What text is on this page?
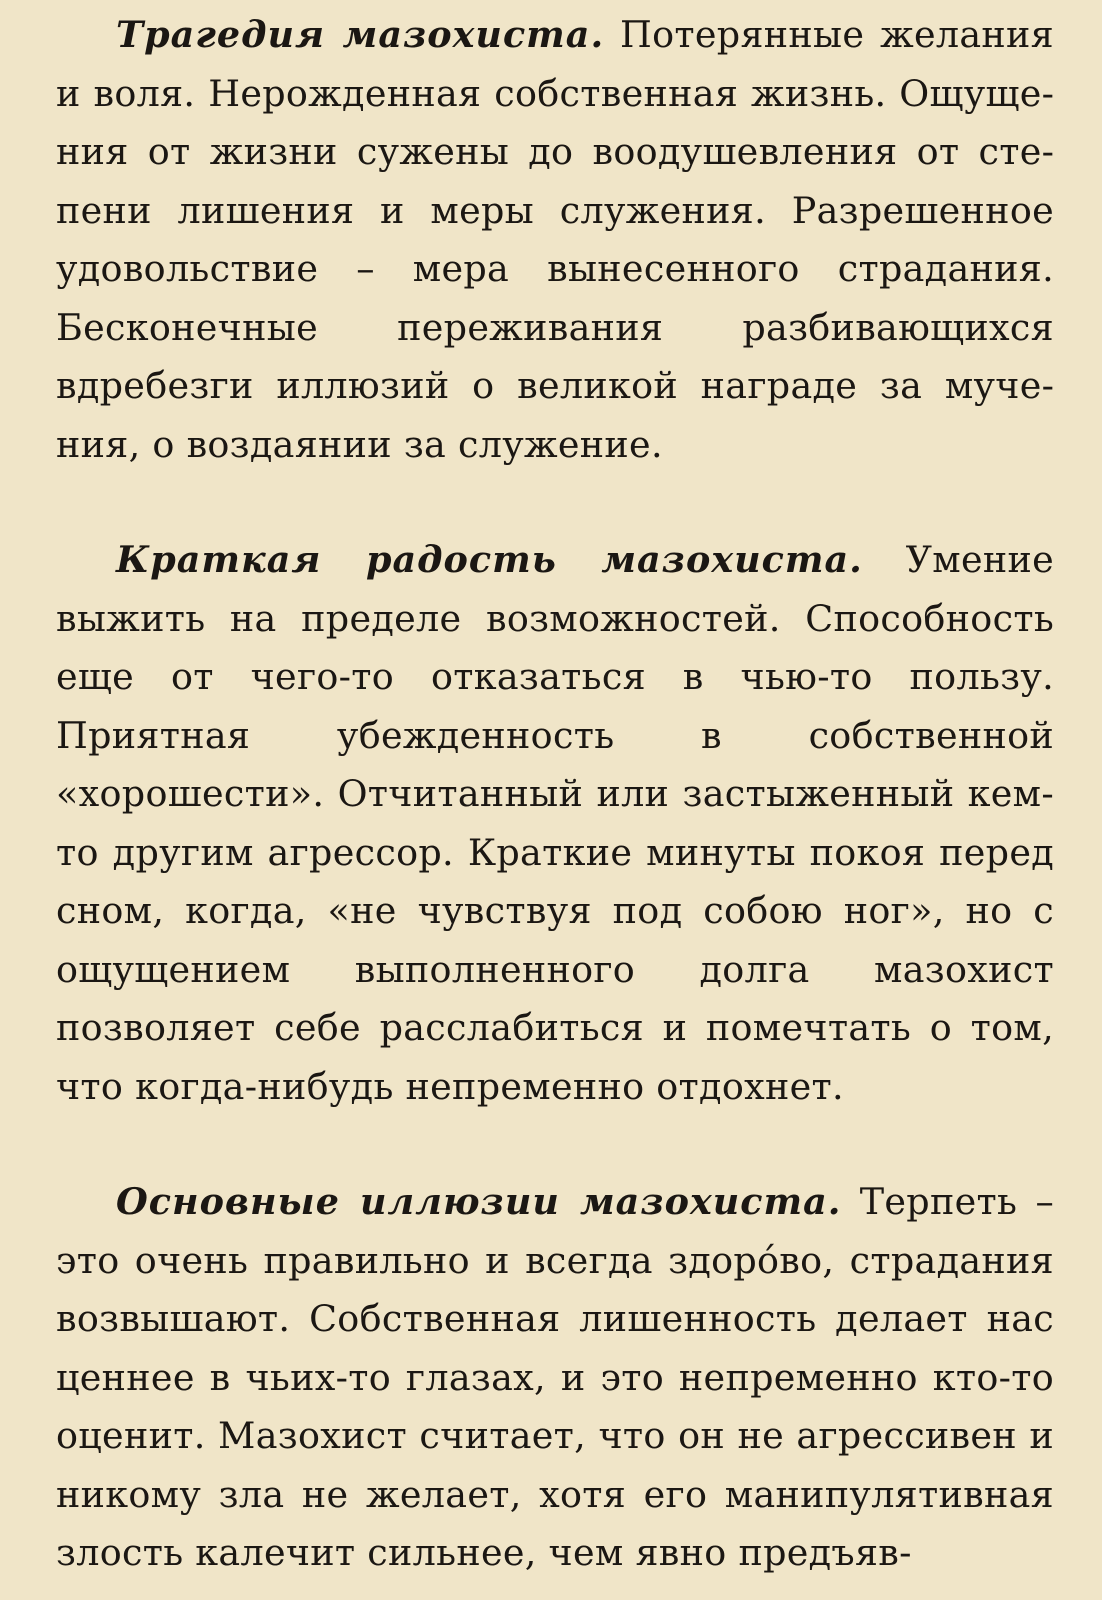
Трагедия мазохиста. Потерянные желания и воля. Нерожденная собственная жизнь. Ощущения от жизни сужены до воодушевления от степени лишения и меры служения. Разрешенное удовольствие – мера вынесенного страдания. Бесконечные переживания разбивающихся вдребезги иллюзий о великой награде за мучения, о воздаянии за служение.

Краткая радость мазохиста. Умение выжить на пределе возможностей. Способность еще от чего-то отказаться в чью-то пользу. Приятная убежденность в собственной «хорошести». Отчитанный или застыженный кем-то другим агрессор. Краткие минуты покоя перед сном, когда, «не чувствуя под собою ног», но с ощущением выполненного долга мазохист позволяет себе расслабиться и помечтать о том, что когда-нибудь непременно отдохнет.

Основные иллюзии мазохиста. Терпеть – это очень правильно и всегда здоро́во, страдания возвышают. Собственная лишенность делает нас ценнее в чьих-то глазах, и это непременно кто-то оценит. Мазохист считает, что он не агрессивен и никому зла не желает, хотя его манипулятивная злость калечит сильнее, чем явно предъяв-
